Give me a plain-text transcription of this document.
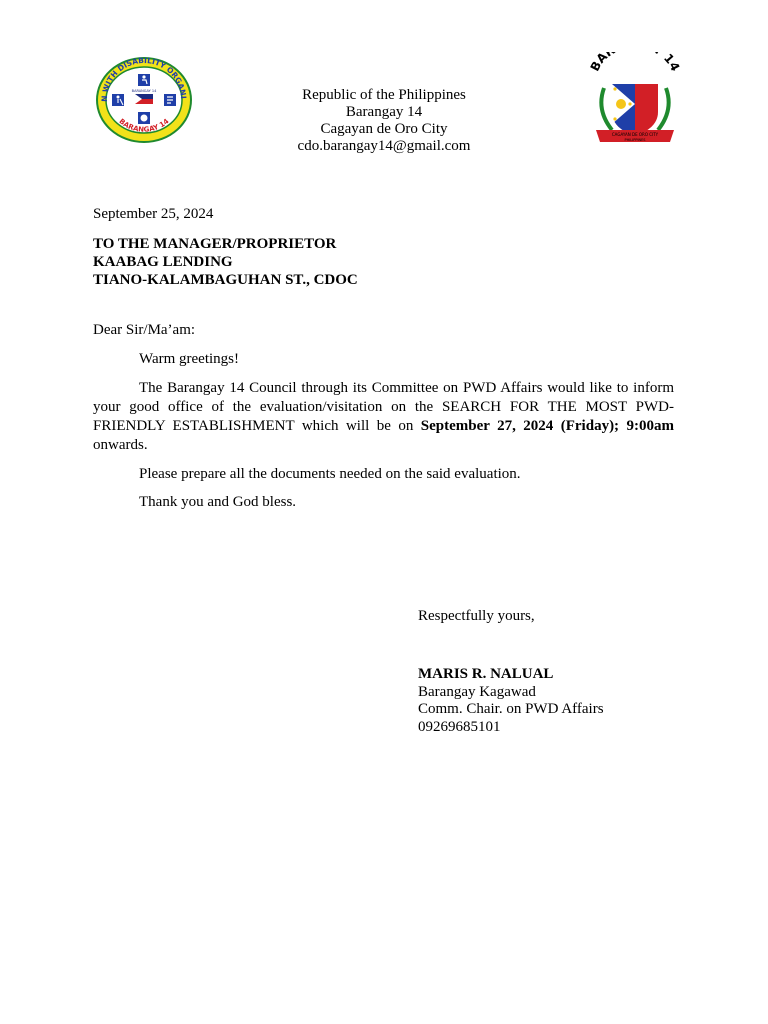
N WITH DISABILITY ORGANI
BARANGAY 14
BARANGAY 14
A 1
CAGAYAN DE ORO CITY
PHILIPPINES
Republic of the Philippines
Barangay 14
Cagayan de Oro City
cdo.barangay14@gmail.com
September 25, 2024
TO THE MANAGER/PROPRIETOR
KAABAG LENDING
TIANO-KALAMBAGUHAN ST., CDOC
Dear Sir/Ma’am:
Warm greetings!
The Barangay 14 Council through its Committee on PWD Affairs would like to inform your good office of the evaluation/visitation on the SEARCH FOR THE MOST PWD-FRIENDLY ESTABLISHMENT which will be on September 27, 2024 (Friday); 9:00am onwards.
Please prepare all the documents needed on the said evaluation.
Thank you and God bless.
Respectfully yours,
MARIS R. NALUAL
Barangay Kagawad
Comm. Chair. on PWD Affairs
09269685101
